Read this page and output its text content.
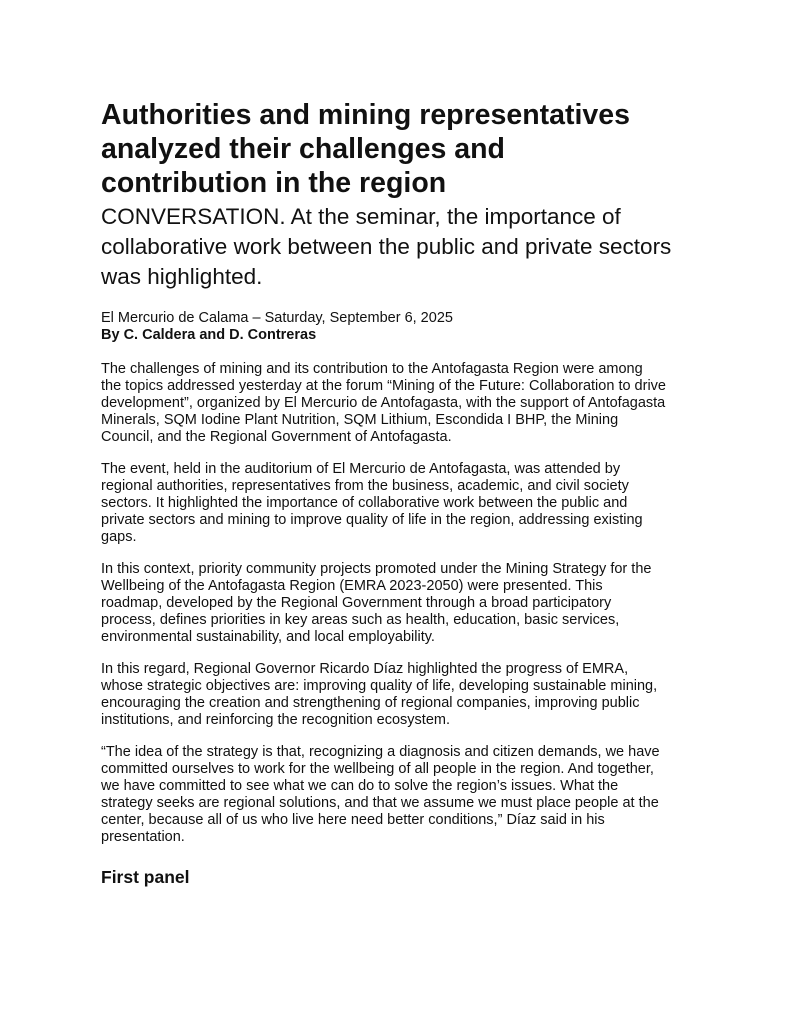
Authorities and mining representatives
analyzed their challenges and
contribution in the region
CONVERSATION. At the seminar, the importance of
collaborative work between the public and private sectors
was highlighted.
El Mercurio de Calama – Saturday, September 6, 2025
By C. Caldera and D. Contreras
The challenges of mining and its contribution to the Antofagasta Region were among
the topics addressed yesterday at the forum “Mining of the Future: Collaboration to drive
development”, organized by El Mercurio de Antofagasta, with the support of Antofagasta
Minerals, SQM Iodine Plant Nutrition, SQM Lithium, Escondida I BHP, the Mining
Council, and the Regional Government of Antofagasta.
The event, held in the auditorium of El Mercurio de Antofagasta, was attended by
regional authorities, representatives from the business, academic, and civil society
sectors. It highlighted the importance of collaborative work between the public and
private sectors and mining to improve quality of life in the region, addressing existing
gaps.
In this context, priority community projects promoted under the Mining Strategy for the
Wellbeing of the Antofagasta Region (EMRA 2023-2050) were presented. This
roadmap, developed by the Regional Government through a broad participatory
process, defines priorities in key areas such as health, education, basic services,
environmental sustainability, and local employability.
In this regard, Regional Governor Ricardo Díaz highlighted the progress of EMRA,
whose strategic objectives are: improving quality of life, developing sustainable mining,
encouraging the creation and strengthening of regional companies, improving public
institutions, and reinforcing the recognition ecosystem.
“The idea of the strategy is that, recognizing a diagnosis and citizen demands, we have
committed ourselves to work for the wellbeing of all people in the region. And together,
we have committed to see what we can do to solve the region’s issues. What the
strategy seeks are regional solutions, and that we assume we must place people at the
center, because all of us who live here need better conditions,” Díaz said in his
presentation.
First panel
